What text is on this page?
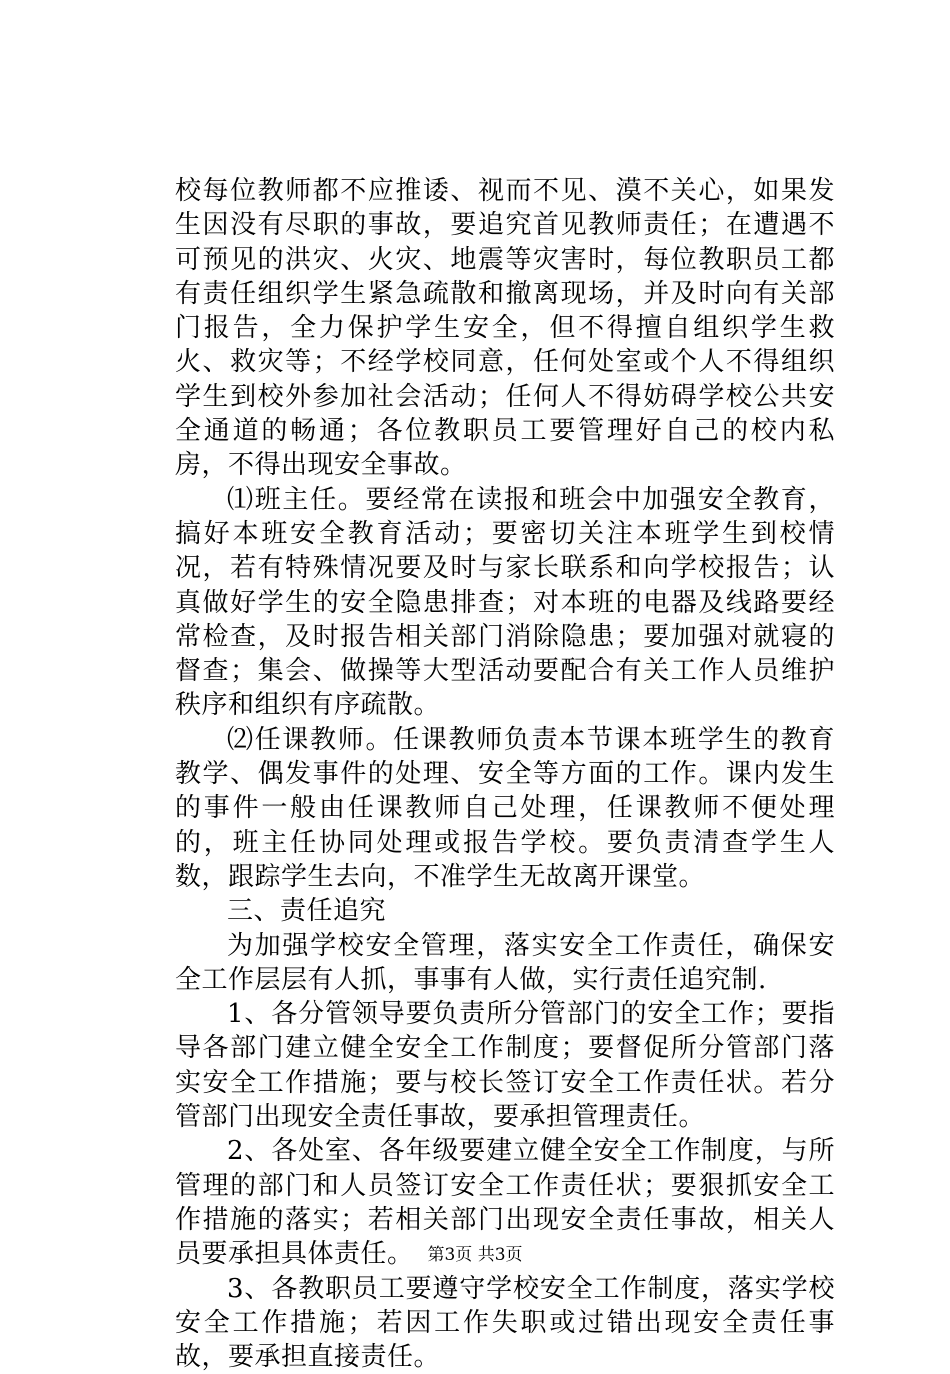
校每位教师都不应推诿、视而不见、漠不关心，如果发生因没有尽职的事故，要追究首见教师责任；在遭遇不可预见的洪灾、火灾、地震等灾害时，每位教职员工都有责任组织学生紧急疏散和撤离现场，并及时向有关部门报告，全力保护学生安全，但不得擅自组织学生救火、救灾等；不经学校同意，任何处室或个人不得组织学生到校外参加社会活动；任何人不得妨碍学校公共安全通道的畅通；各位教职员工要管理好自己的校内私房，不得出现安全事故。

⑴班主任。要经常在读报和班会中加强安全教育，搞好本班安全教育活动；要密切关注本班学生到校情况，若有特殊情况要及时与家长联系和向学校报告；认真做好学生的安全隐患排查；对本班的电器及线路要经常检查，及时报告相关部门消除隐患；要加强对就寝的督查；集会、做操等大型活动要配合有关工作人员维护秩序和组织有序疏散。

⑵任课教师。任课教师负责本节课本班学生的教育教学、偶发事件的处理、安全等方面的工作。课内发生的事件一般由任课教师自己处理，任课教师不便处理的，班主任协同处理或报告学校。要负责清查学生人数，跟踪学生去向，不准学生无故离开课堂。

三、责任追究

为加强学校安全管理，落实安全工作责任，确保安全工作层层有人抓，事事有人做，实行责任追究制.

1、各分管领导要负责所分管部门的安全工作；要指导各部门建立健全安全工作制度；要督促所分管部门落实安全工作措施；要与校长签订安全工作责任状。若分管部门出现安全责任事故，要承担管理责任。

2、各处室、各年级要建立健全安全工作制度，与所管理的部门和人员签订安全工作责任状；要狠抓安全工作措施的落实；若相关部门出现安全责任事故，相关人员要承担具体责任。

3、各教职员工要遵守学校安全工作制度，落实学校安全工作措施；若因工作失职或过错出现安全责任事故，要承担直接责任。

第3页 共3页
